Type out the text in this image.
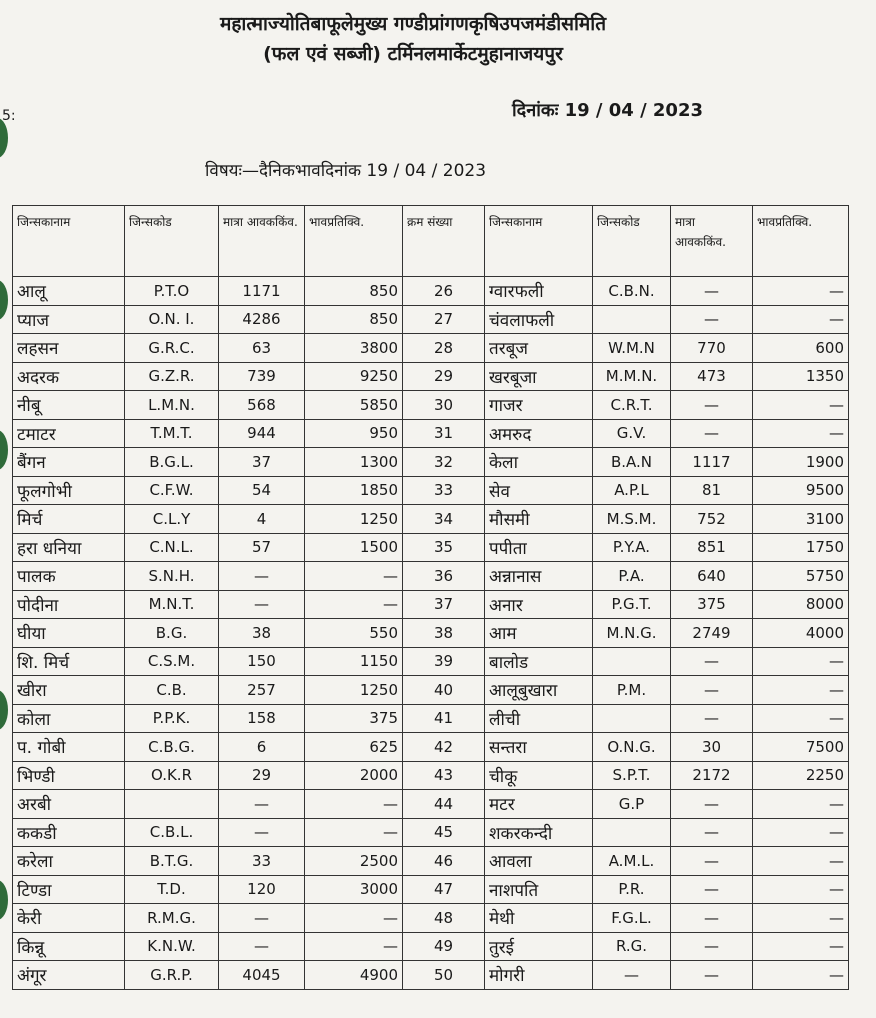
5:
महात्माज्योतिबाफूलेमुख्य गण्डीप्रांगणकृषिउपजमंडीसमिति
(फल एवं सब्जी) टर्मिनलमार्केटमुहानाजयपुर
दिनांकः 19 / 04 / 2023
विषयः—दैनिकभावदिनांक 19 / 04 / 2023
जिन्सकानाम	जिन्सकोड	मात्रा आवककिंव.	भावप्रतिक्वि.	क्रम संख्या	जिन्सकानाम	जिन्सकोड	मात्रा आवककिंव.	भावप्रतिक्वि.
आलू	P.T.O	1171	850	26	ग्वारफली	C.B.N.	—	—
प्याज	O.N. I.	4286	850	27	चंवलाफली		—	—
लहसन	G.R.C.	63	3800	28	तरबूज	W.M.N	770	600
अदरक	G.Z.R.	739	9250	29	खरबूजा	M.M.N.	473	1350
नीबू	L.M.N.	568	5850	30	गाजर	C.R.T.	—	—
टमाटर	T.M.T.	944	950	31	अमरुद	G.V.	—	—
बैंगन	B.G.L.	37	1300	32	केला	B.A.N	1117	1900
फूलगोभी	C.F.W.	54	1850	33	सेव	A.P.L	81	9500
मिर्च	C.L.Y	4	1250	34	मौसमी	M.S.M.	752	3100
हरा धनिया	C.N.L.	57	1500	35	पपीता	P.Y.A.	851	1750
पालक	S.N.H.	—	—	36	अन्नानास	P.A.	640	5750
पोदीना	M.N.T.	—	—	37	अनार	P.G.T.	375	8000
घीया	B.G.	38	550	38	आम	M.N.G.	2749	4000
शि. मिर्च	C.S.M.	150	1150	39	बालोड		—	—
खीरा	C.B.	257	1250	40	आलूबुखारा	P.M.	—	—
कोला	P.P.K.	158	375	41	लीची		—	—
प. गोबी	C.B.G.	6	625	42	सन्तरा	O.N.G.	30	7500
भिण्डी	O.K.R	29	2000	43	चीकू	S.P.T.	2172	2250
अरबी		—	—	44	मटर	G.P	—	—
ककडी	C.B.L.	—	—	45	शकरकन्दी		—	—
करेला	B.T.G.	33	2500	46	आवला	A.M.L.	—	—
टिण्डा	T.D.	120	3000	47	नाशपति	P.R.	—	—
केरी	R.M.G.	—	—	48	मेथी	F.G.L.	—	—
किन्नू	K.N.W.	—	—	49	तुरई	R.G.	—	—
अंगूर	G.R.P.	4045	4900	50	मोगरी	—	—	—
